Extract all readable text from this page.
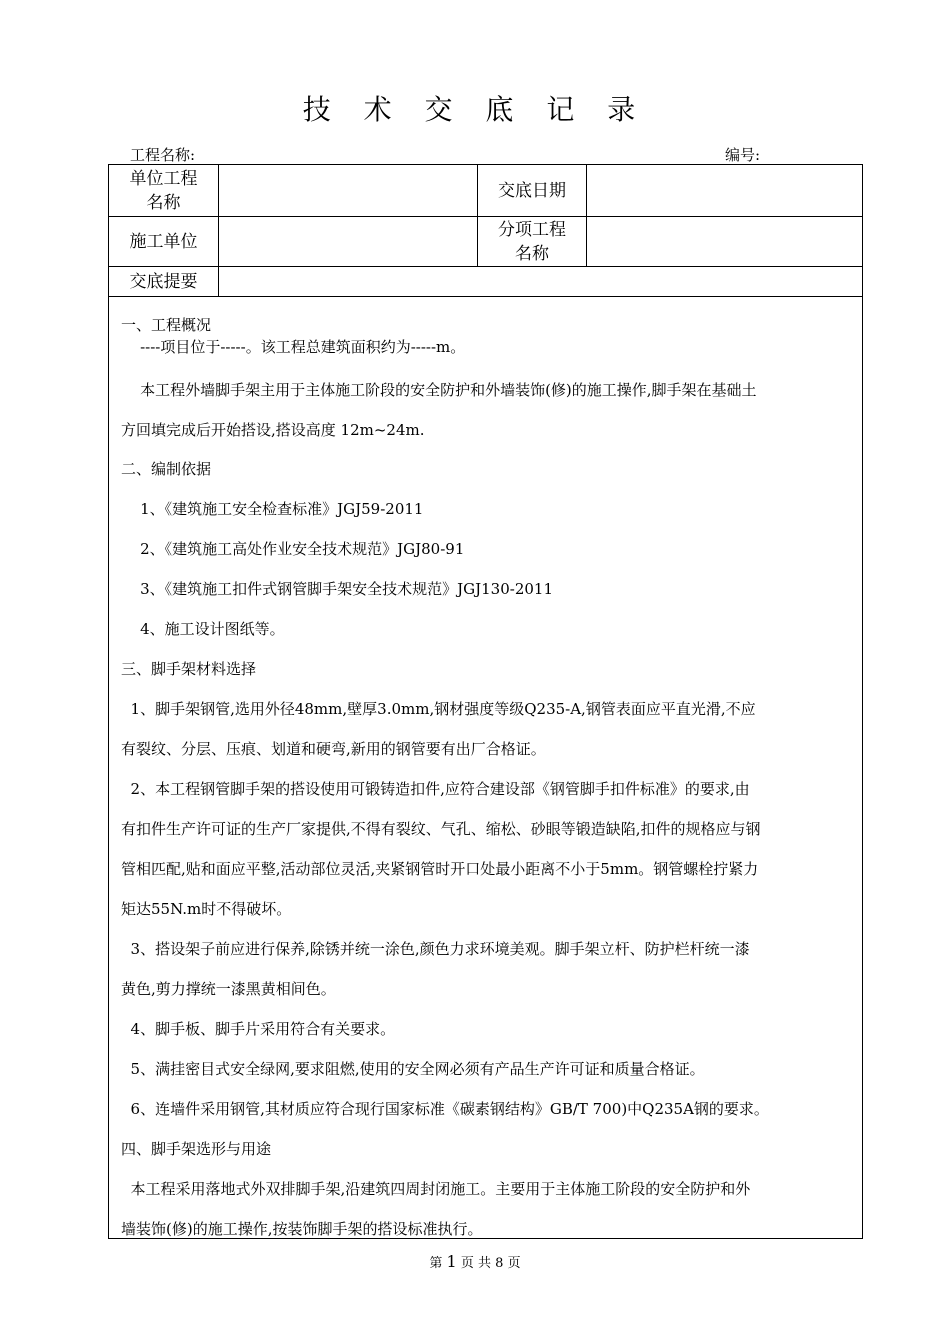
技 术 交 底 记 录
工程名称:	编号:
单位工程
名称
交底日期
施工单位
分项工程
名称
交底提要
一、工程概况
----项目位于-----。该工程总建筑面积约为-----m。
本工程外墙脚手架主用于主体施工阶段的安全防护和外墙装饰(修)的施工操作,脚手架在基础土
方回填完成后开始搭设,搭设高度 12m~24m.
二、编制依据
1、《建筑施工安全检查标准》JGJ59-2011
2、《建筑施工高处作业安全技术规范》JGJ80-91
3、《建筑施工扣件式钢管脚手架安全技术规范》JGJ130-2011
4、施工设计图纸等。
三、脚手架材料选择
1、脚手架钢管,选用外径48mm,壁厚3.0mm,钢材强度等级Q235-A,钢管表面应平直光滑,不应
有裂纹、分层、压痕、划道和硬弯,新用的钢管要有出厂合格证。
2、本工程钢管脚手架的搭设使用可锻铸造扣件,应符合建设部《钢管脚手扣件标准》的要求,由
有扣件生产许可证的生产厂家提供,不得有裂纹、气孔、缩松、砂眼等锻造缺陷,扣件的规格应与钢
管相匹配,贴和面应平整,活动部位灵活,夹紧钢管时开口处最小距离不小于5mm。钢管螺栓拧紧力
矩达55N.m时不得破坏。
3、搭设架子前应进行保养,除锈并统一涂色,颜色力求环境美观。脚手架立杆、防护栏杆统一漆
黄色,剪力撑统一漆黑黄相间色。
4、脚手板、脚手片采用符合有关要求。
5、满挂密目式安全绿网,要求阻燃,使用的安全网必须有产品生产许可证和质量合格证。
6、连墙件采用钢管,其材质应符合现行国家标准《碳素钢结构》GB/T 700)中Q235A钢的要求。
四、脚手架选形与用途
本工程采用落地式外双排脚手架,沿建筑四周封闭施工。主要用于主体施工阶段的安全防护和外
墙装饰(修)的施工操作,按装饰脚手架的搭设标准执行。
第 1 页 共 8 页
